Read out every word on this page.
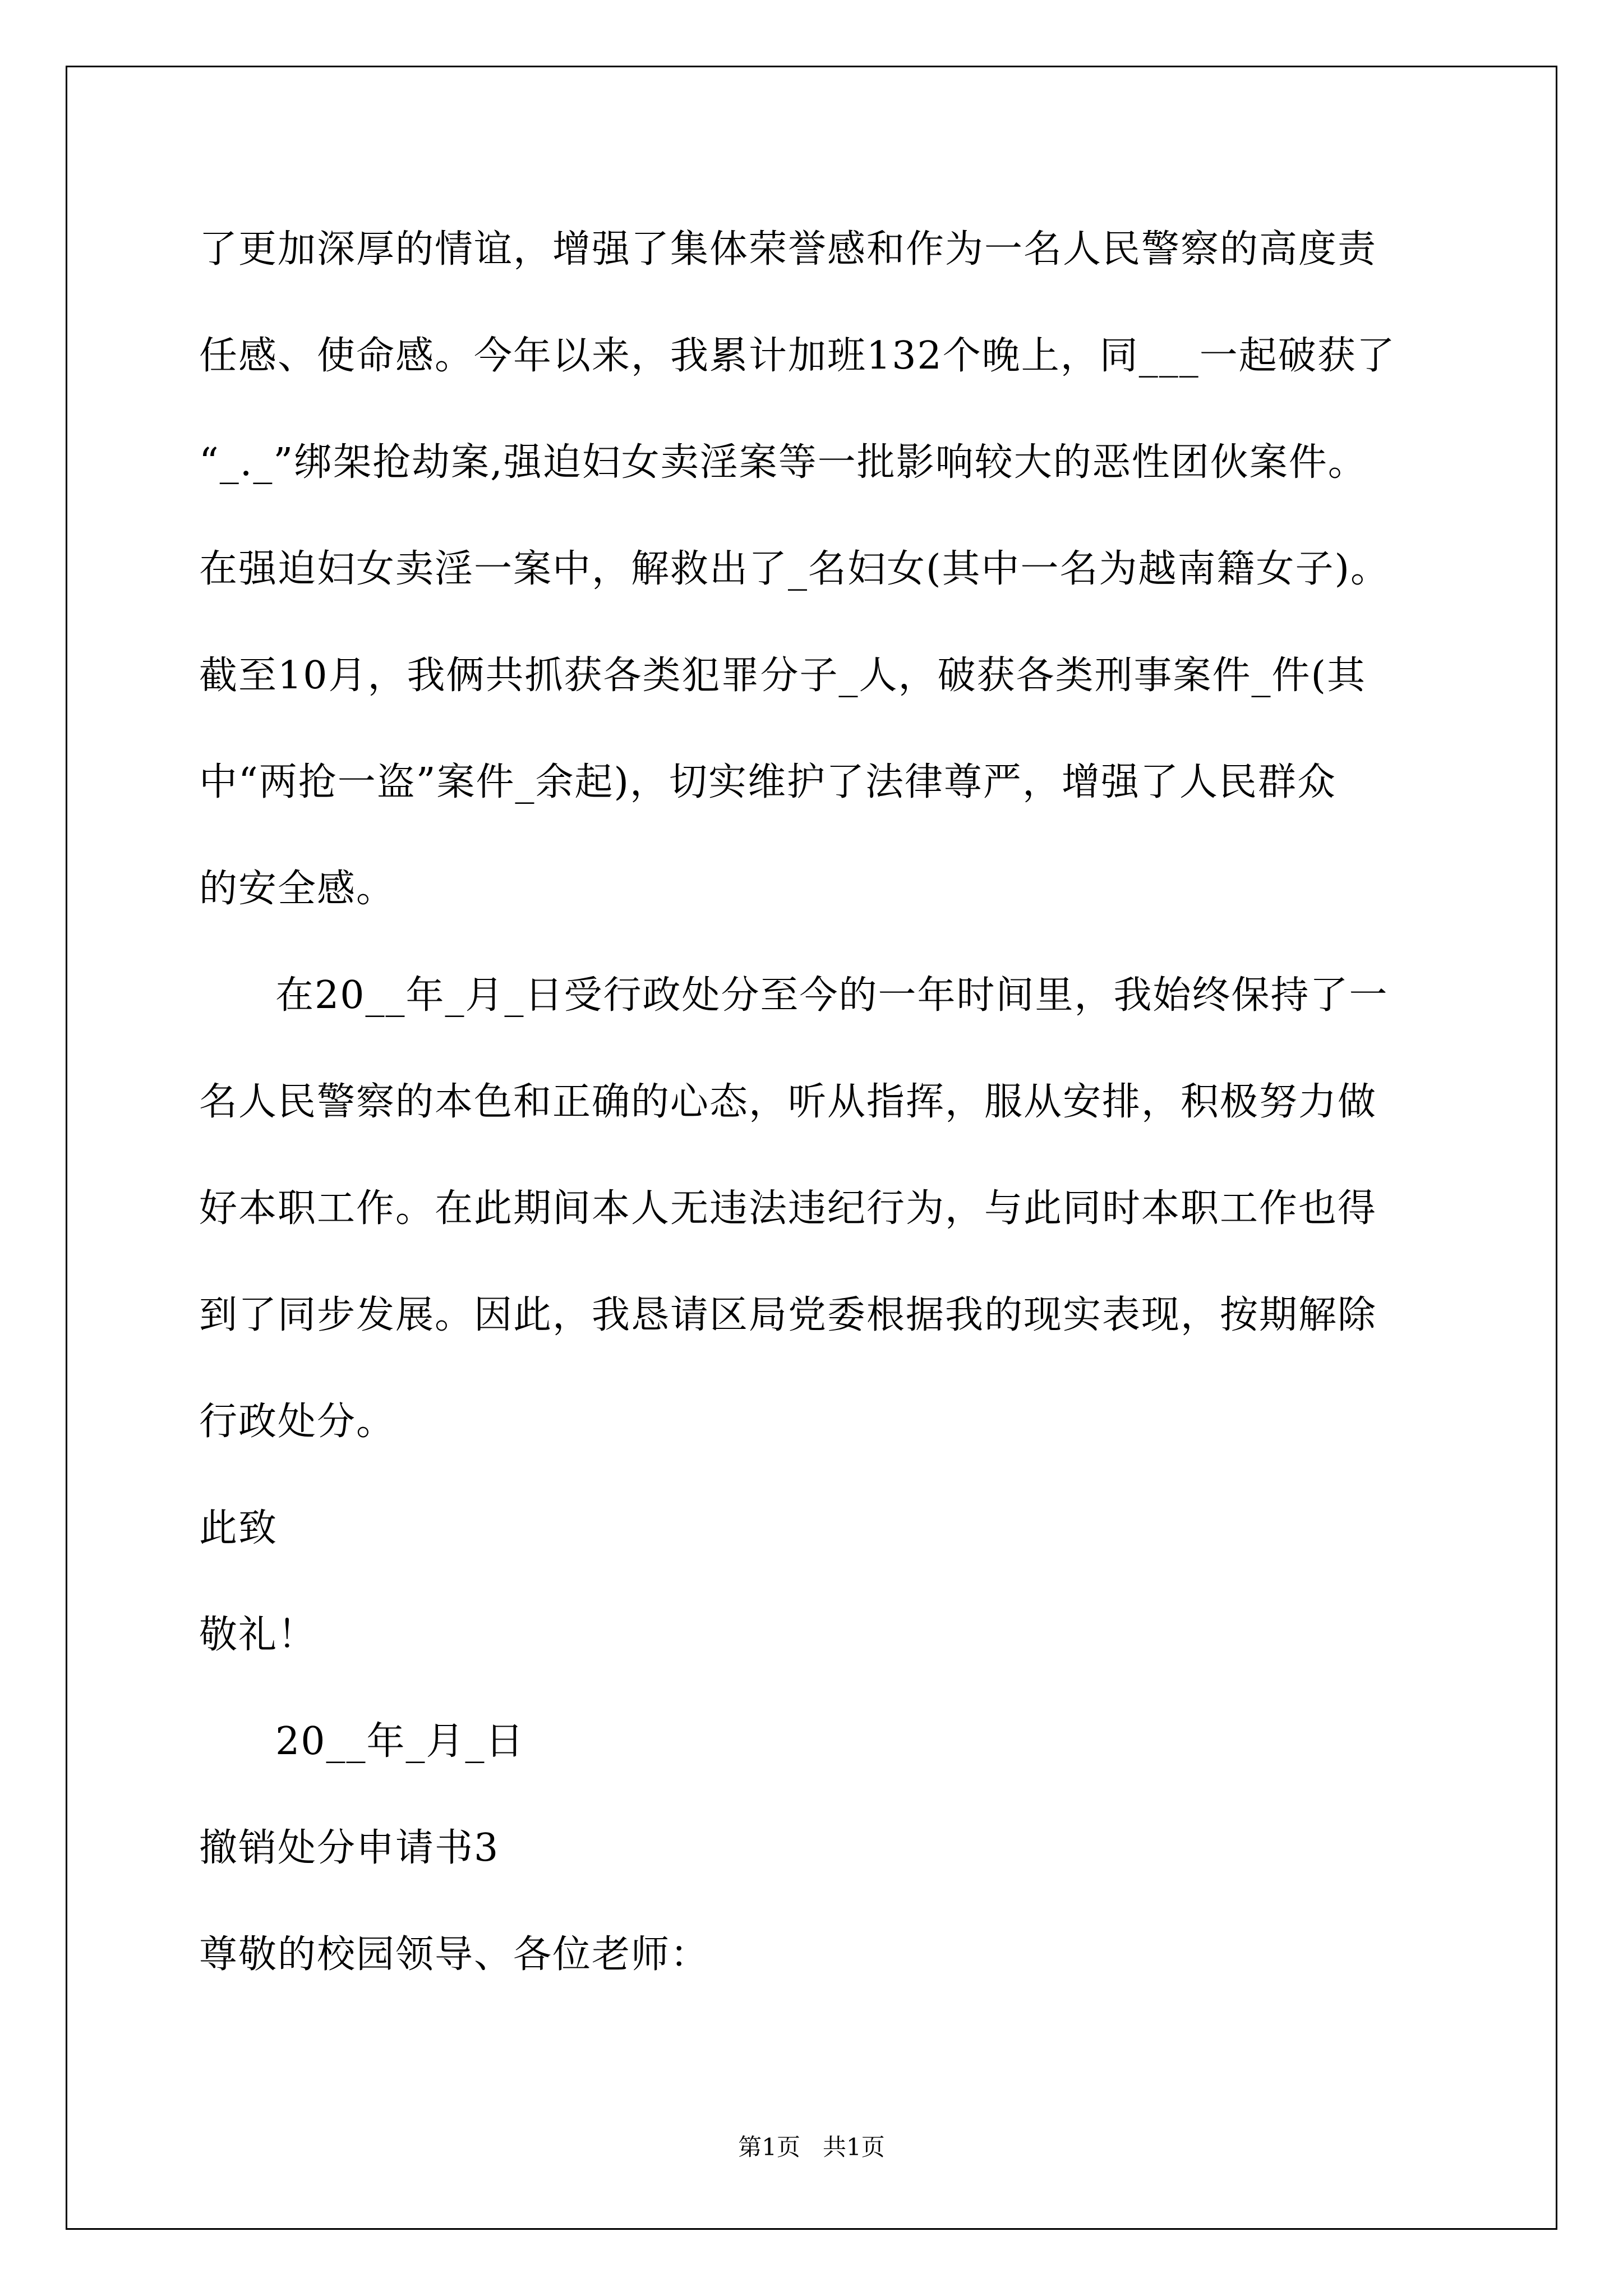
了更加深厚的情谊，增强了集体荣誉感和作为一名人民警察的高度责
任感、使命感。今年以来，我累计加班132个晚上，同___一起破获了
“_._”绑架抢劫案,强迫妇女卖淫案等一批影响较大的恶性团伙案件。
在强迫妇女卖淫一案中，解救出了_名妇女(其中一名为越南籍女子)。
截至10月，我俩共抓获各类犯罪分子_人，破获各类刑事案件_件(其
中“两抢一盗”案件_余起)，切实维护了法律尊严，增强了人民群众
的安全感。
在20__年_月_日受行政处分至今的一年时间里，我始终保持了一
名人民警察的本色和正确的心态，听从指挥，服从安排，积极努力做
好本职工作。在此期间本人无违法违纪行为，与此同时本职工作也得
到了同步发展。因此，我恳请区局党委根据我的现实表现，按期解除
行政处分。
此致
敬礼！
20__年_月_日
撤销处分申请书3
尊敬的校园领导、各位老师：
第1页   共1页
